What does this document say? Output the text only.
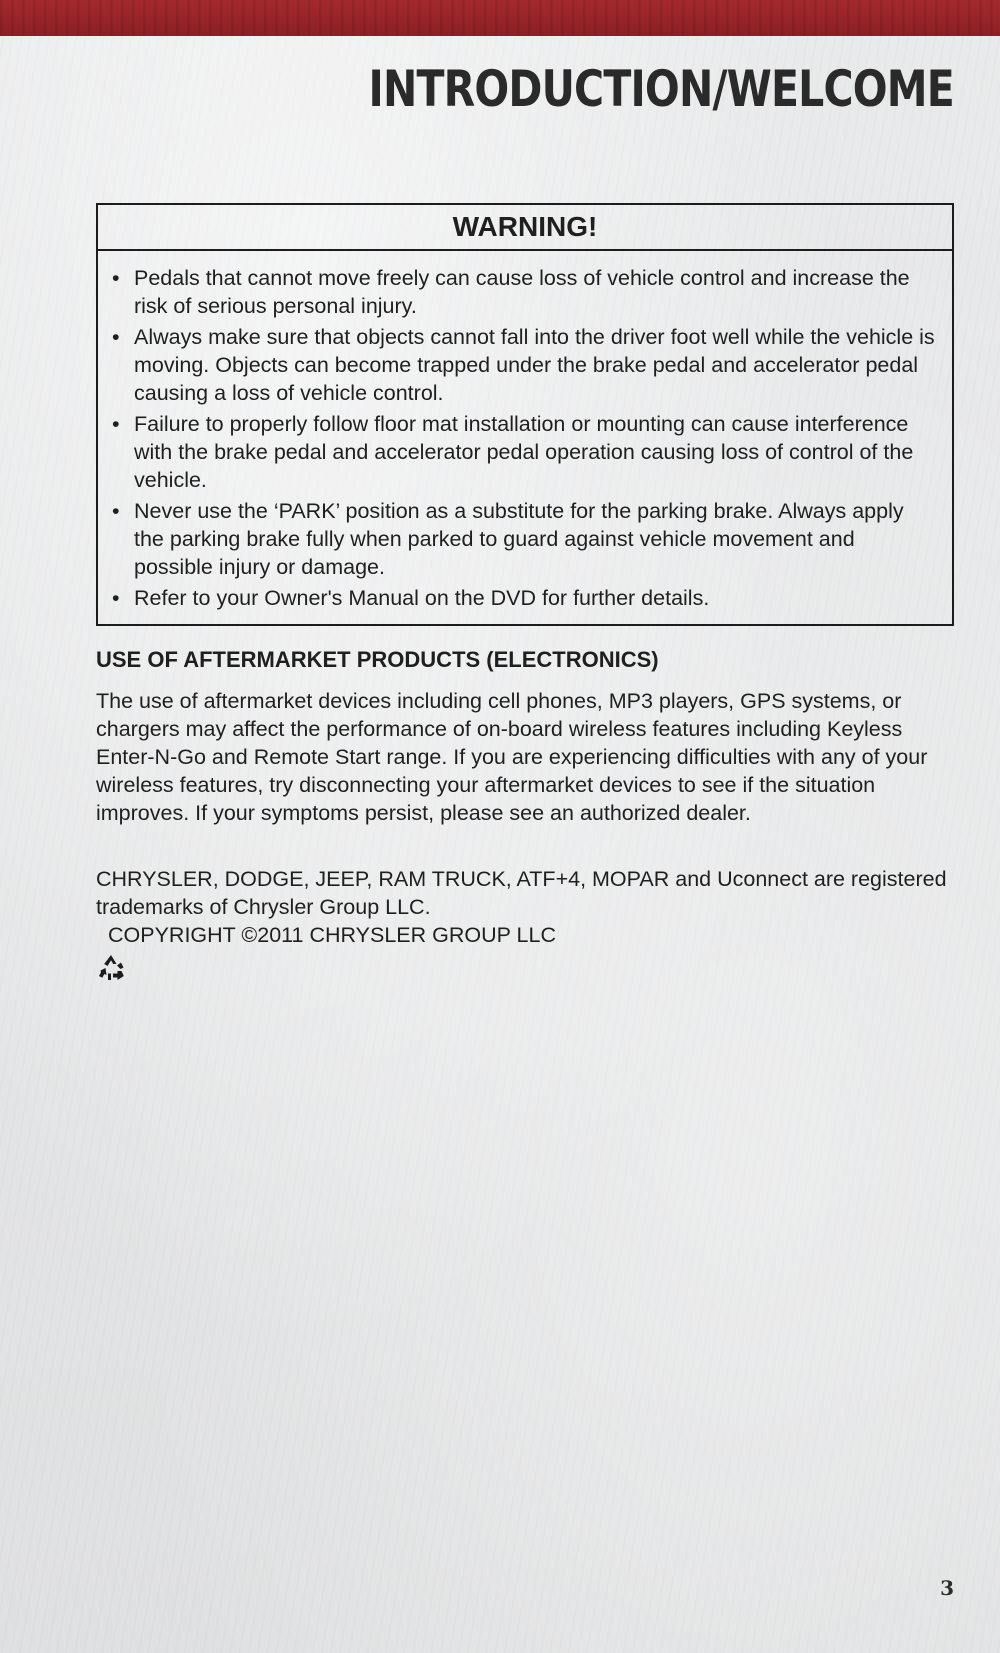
INTRODUCTION/WELCOME
WARNING!
• Pedals that cannot move freely can cause loss of vehicle control and increase the risk of serious personal injury.
• Always make sure that objects cannot fall into the driver foot well while the vehicle is moving. Objects can become trapped under the brake pedal and accelerator pedal causing a loss of vehicle control.
• Failure to properly follow floor mat installation or mounting can cause interference with the brake pedal and accelerator pedal operation causing loss of control of the vehicle.
• Never use the ‘PARK’ position as a substitute for the parking brake. Always apply the parking brake fully when parked to guard against vehicle movement and possible injury or damage.
• Refer to your Owner's Manual on the DVD for further details.
USE OF AFTERMARKET PRODUCTS (ELECTRONICS)

The use of aftermarket devices including cell phones, MP3 players, GPS systems, or chargers may affect the performance of on-board wireless features including Keyless Enter-N-Go and Remote Start range. If you are experiencing difficulties with any of your wireless features, try disconnecting your aftermarket devices to see if the situation improves. If your symptoms persist, please see an authorized dealer.

CHRYSLER, DODGE, JEEP, RAM TRUCK, ATF+4, MOPAR and Uconnect are registered trademarks of Chrysler Group LLC.

COPYRIGHT ©2011 CHRYSLER GROUP LLC

3
